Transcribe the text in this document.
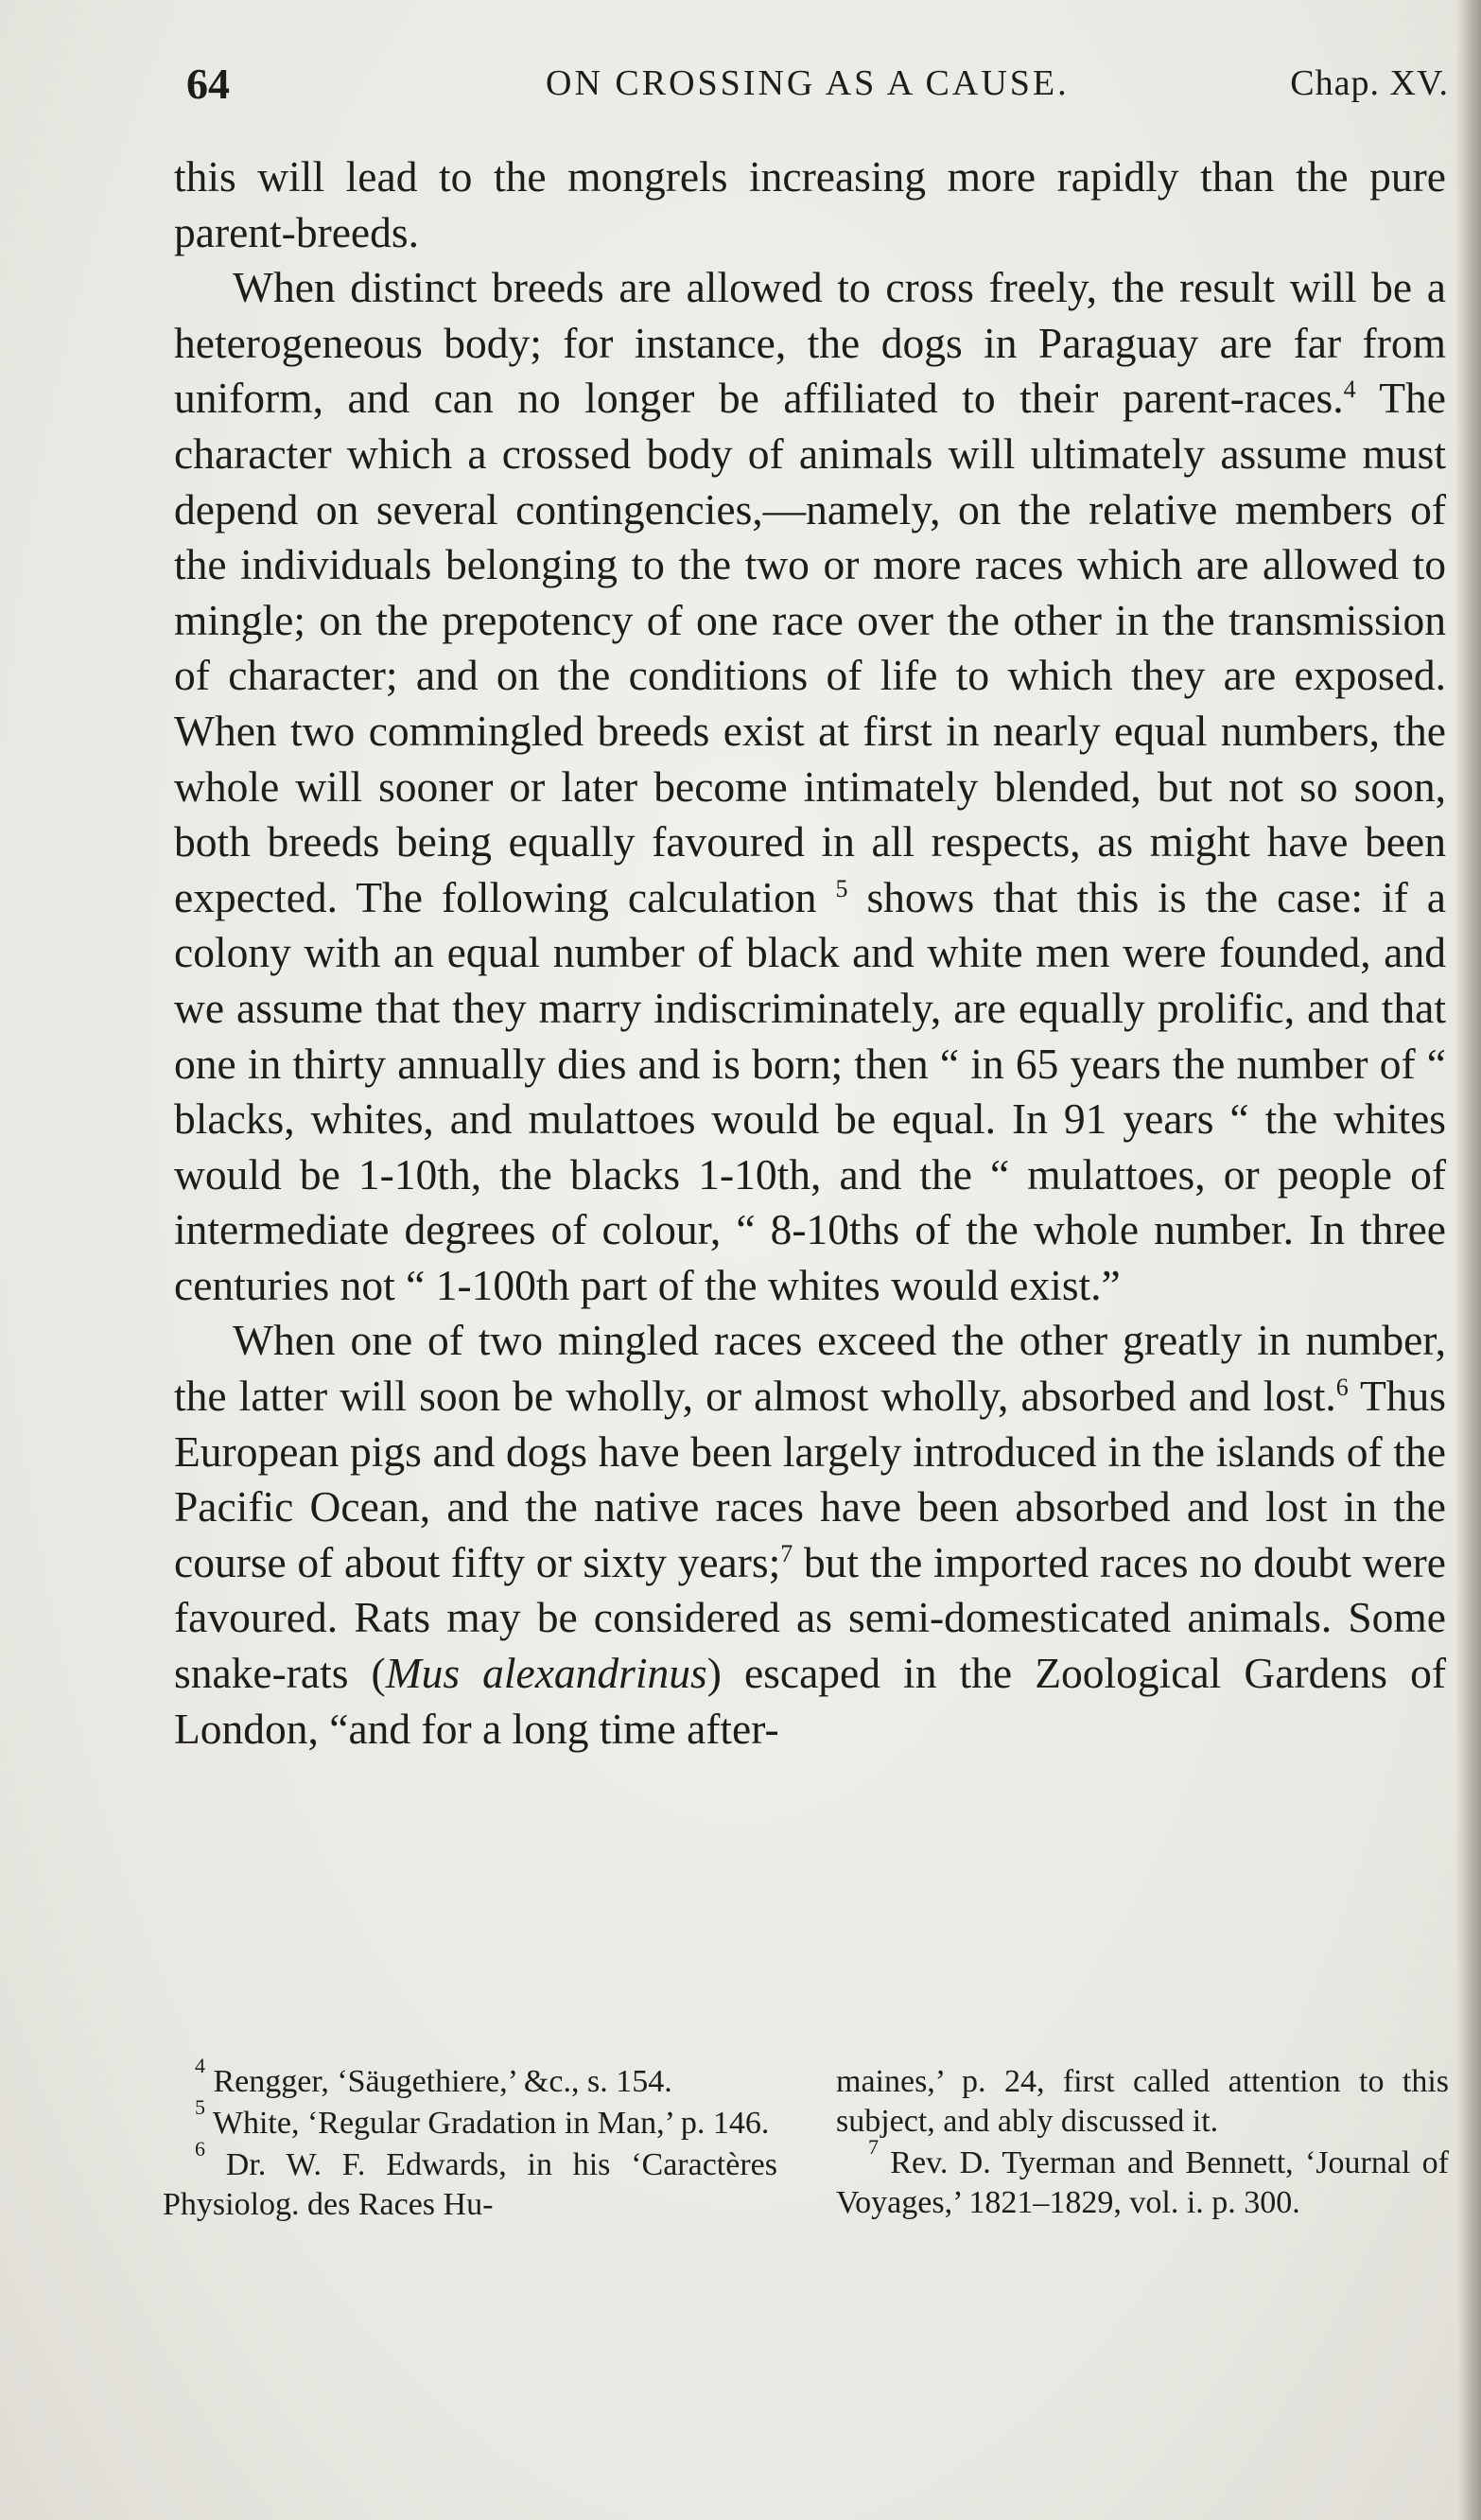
64	ON CROSSING AS A CAUSE.	Chap. XV.

this will lead to the mongrels increasing more rapidly than the pure parent-breeds.

When distinct breeds are allowed to cross freely, the result will be a heterogeneous body; for instance, the dogs in Paraguay are far from uniform, and can no longer be affiliated to their parent-races.$^4$ The character which a crossed body of animals will ultimately assume must depend on several contingencies,—namely, on the relative members of the individuals belonging to the two or more races which are allowed to mingle; on the prepotency of one race over the other in the transmission of character; and on the conditions of life to which they are exposed. When two commingled breeds exist at first in nearly equal numbers, the whole will sooner or later become intimately blended, but not so soon, both breeds being equally favoured in all respects, as might have been expected. The following calculation $^5$ shows that this is the case: if a colony with an equal number of black and white men were founded, and we assume that they marry indiscriminately, are equally prolific, and that one in thirty annually dies and is born; then “ in 65 years the number of “ blacks, whites, and mulattoes would be equal. In 91 years “ the whites would be 1-10th, the blacks 1-10th, and the “ mulattoes, or people of intermediate degrees of colour, “ 8-10ths of the whole number. In three centuries not “ 1-100th part of the whites would exist.”

When one of two mingled races exceed the other greatly in number, the latter will soon be wholly, or almost wholly, absorbed and lost.$^6$ Thus European pigs and dogs have been largely introduced in the islands of the Pacific Ocean, and the native races have been absorbed and lost in the course of about fifty or sixty years;$^7$ but the imported races no doubt were favoured. Rats may be considered as semi-domesticated animals. Some snake-rats (Mus alexandrinus) escaped in the Zoological Gardens of London, “and for a long time after-

$^4$ Rengger, ‘Säugethiere,’ &c., s. 154.

$^5$ White, ‘Regular Gradation in Man,’ p. 146.

$^6$ Dr. W. F. Edwards, in his ‘Caractères Physiolog. des Races Hu-

maines,’ p. 24, first called attention to this subject, and ably discussed it.

$^7$ Rev. D. Tyerman and Bennett, ‘Journal of Voyages,’ 1821–1829, vol. i. p. 300.
